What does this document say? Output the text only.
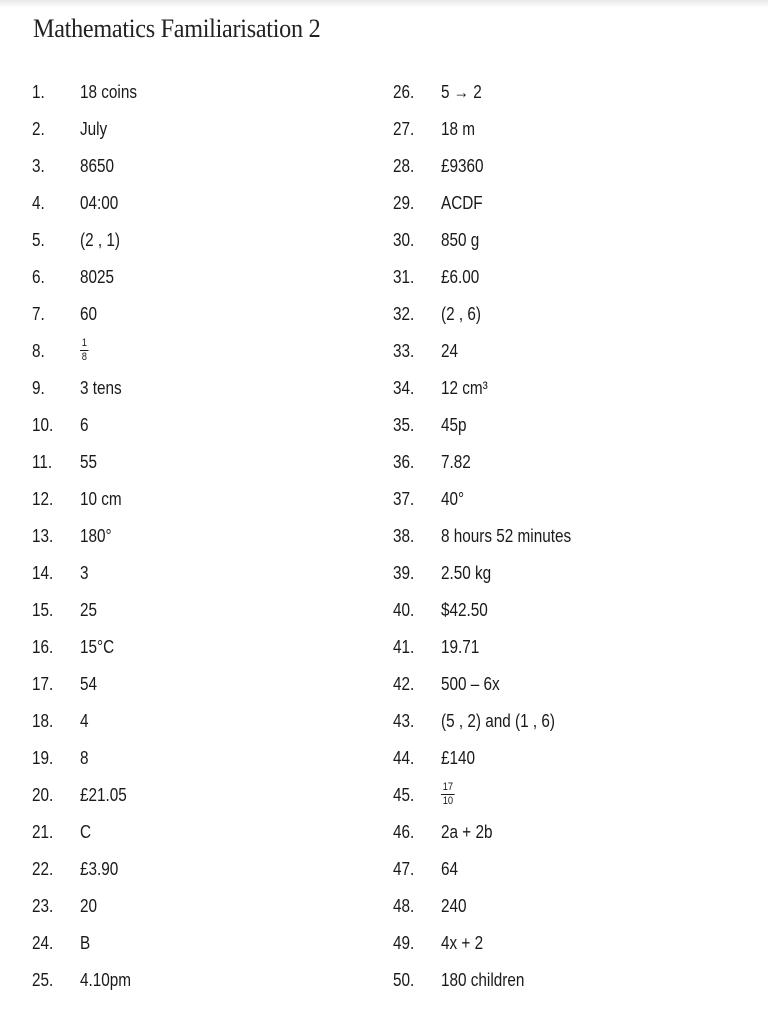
Mathematics Familiarisation 2
1. 18 coins
2. July
3. 8650
4. 04:00
5. (2 , 1)
6. 8025
7. 60
8.	$\frac{1}{8}$
9. 3 tens
10. 6
11. 55
12. 10 cm
13. 180°
14. 3
15. 25
16. 15°C
17. 54
18. 4
19. 8
20. £21.05
21. C
22. £3.90
23. 20
24. B
25. 4.10pm
26. 5 → 2
27. 18 m
28. £9360
29. ACDF
30. 850 g
31. £6.00
32. (2 , 6)
33. 24
34. 12 cm³
35. 45p
36. 7.82
37. 40°
38. 8 hours 52 minutes
39. 2.50 kg
40. $42.50
41. 19.71
42. 500 – 6x
43. (5 , 2) and (1 , 6)
44. £140
45. $\frac{17}{10}$
46. 2a + 2b
47. 64
48. 240
49. 4x + 2
50. 180 children
